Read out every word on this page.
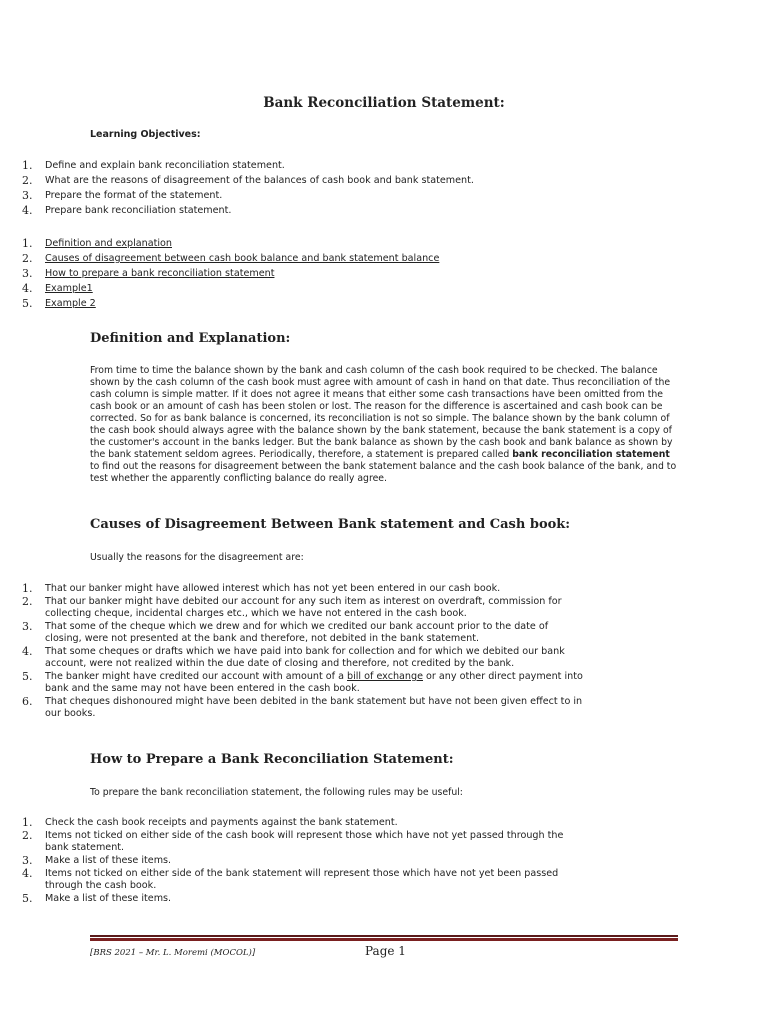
Bank Reconciliation Statement:
Learning Objectives:
1. Define and explain bank reconciliation statement.
2. What are the reasons of disagreement of the balances of cash book and bank statement.
3. Prepare the format of the statement.
4. Prepare bank reconciliation statement.
1. Definition and explanation
2. Causes of disagreement between cash book balance and bank statement balance
3. How to prepare a bank reconciliation statement
4. Example1
5. Example 2
Definition and Explanation:

From time to time the balance shown by the bank and cash column of the cash book required to be checked. The balance shown by the cash column of the cash book must agree with amount of cash in hand on that date. Thus reconciliation of the cash column is simple matter. If it does not agree it means that either some cash transactions have been omitted from the cash book or an amount of cash has been stolen or lost. The reason for the difference is ascertained and cash book can be corrected. So for as bank balance is concerned, its reconciliation is not so simple. The balance shown by the bank column of the cash book should always agree with the balance shown by the bank statement, because the bank statement is a copy of the customer's account in the banks ledger. But the bank balance as shown by the cash book and bank balance as shown by the bank statement seldom agrees. Periodically, therefore, a statement is prepared called bank reconciliation statement to find out the reasons for disagreement between the bank statement balance and the cash book balance of the bank, and to test whether the apparently conflicting balance do really agree.

Causes of Disagreement Between Bank statement and Cash book:

Usually the reasons for the disagreement are:

1. That our banker might have allowed interest which has not yet been entered in our cash book.
2. That our banker might have debited our account for any such item as interest on overdraft, commission for collecting cheque, incidental charges etc., which we have not entered in the cash book.
3. That some of the cheque which we drew and for which we credited our bank account prior to the date of closing, were not presented at the bank and therefore, not debited in the bank statement.
4. That some cheques or drafts which we have paid into bank for collection and for which we debited our bank account, were not realized within the due date of closing and therefore, not credited by the bank.
5. The banker might have credited our account with amount of a bill of exchange or any other direct payment into bank and the same may not have been entered in the cash book.
6. That cheques dishonoured might have been debited in the bank statement but have not been given effect to in our books.
How to Prepare a Bank Reconciliation Statement:

To prepare the bank reconciliation statement, the following rules may be useful:

1. Check the cash book receipts and payments against the bank statement.
2. Items not ticked on either side of the cash book will represent those which have not yet passed through the bank statement.
3. Make a list of these items.
4. Items not ticked on either side of the bank statement will represent those which have not yet been passed through the cash book.
5. Make a list of these items.
[BRS 2021 – Mr. L. Moremi (MOCOL)]	Page 1
